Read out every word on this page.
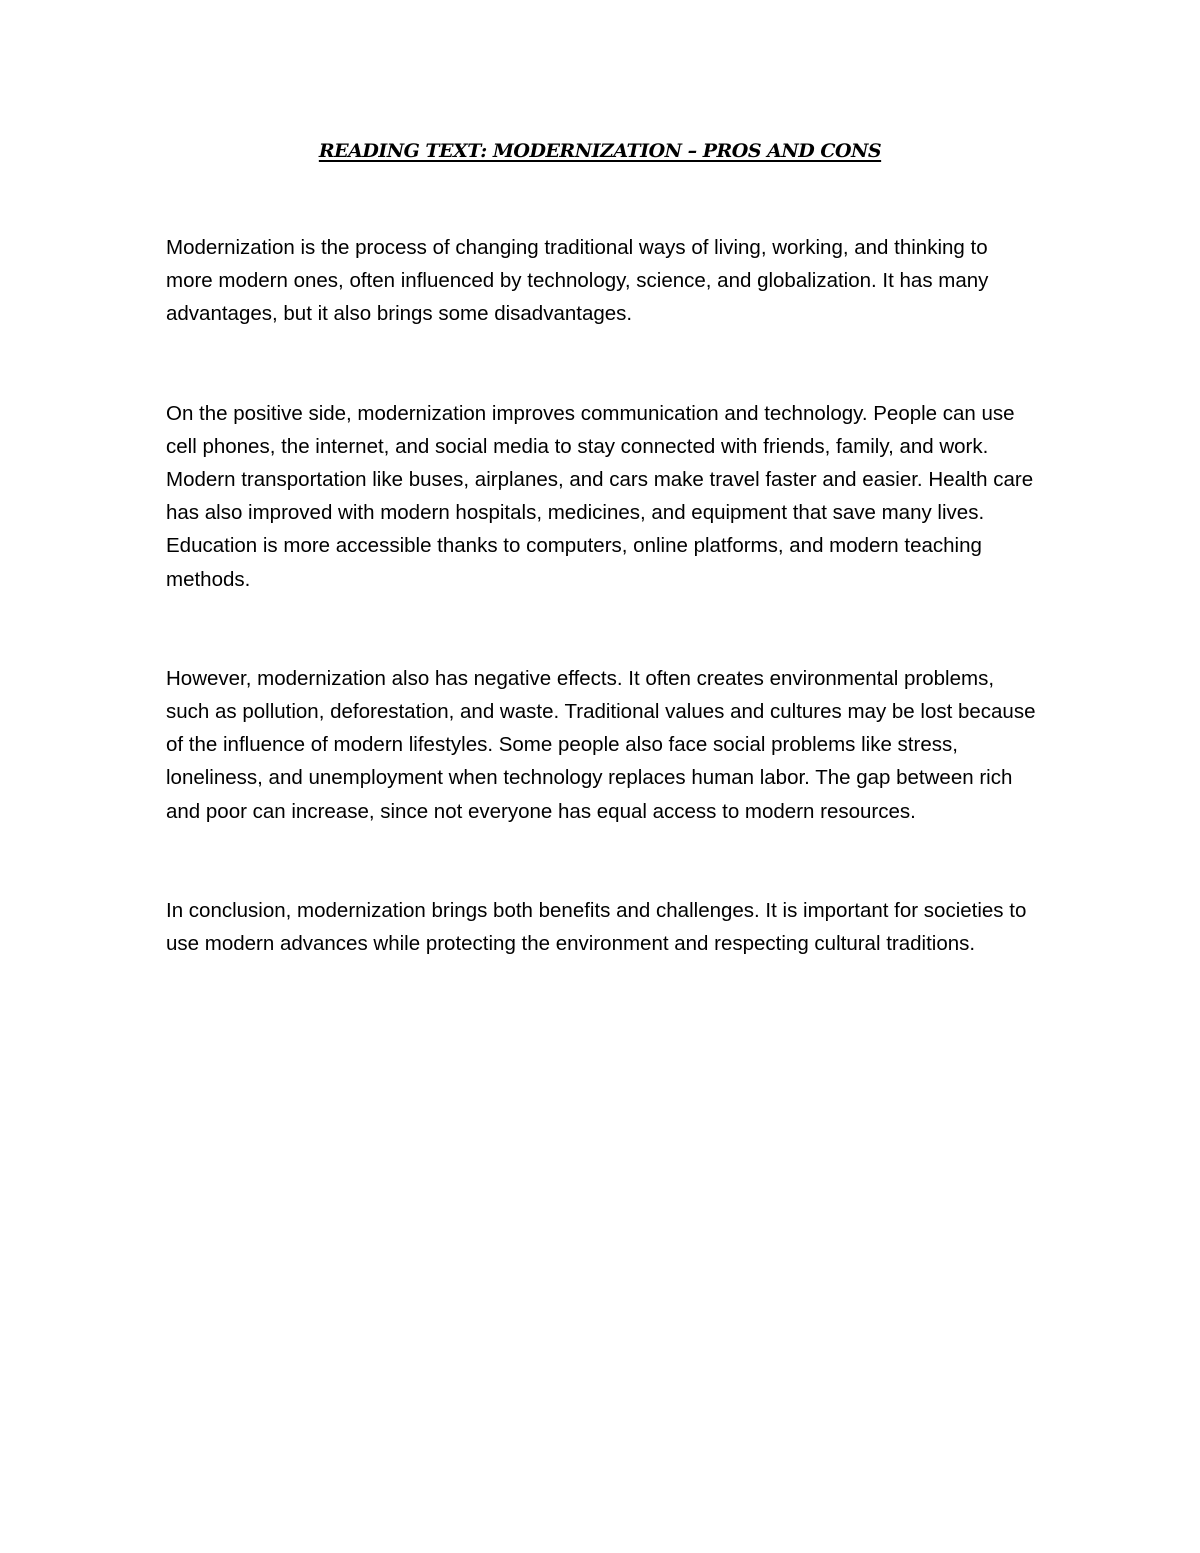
READING TEXT: MODERNIZATION – PROS AND CONS

Modernization is the process of changing traditional ways of living, working, and thinking to more modern ones, often influenced by technology, science, and globalization. It has many advantages, but it also brings some disadvantages.

On the positive side, modernization improves communication and technology. People can use cell phones, the internet, and social media to stay connected with friends, family, and work. Modern transportation like buses, airplanes, and cars make travel faster and easier. Health care has also improved with modern hospitals, medicines, and equipment that save many lives. Education is more accessible thanks to computers, online platforms, and modern teaching methods.

However, modernization also has negative effects. It often creates environmental problems, such as pollution, deforestation, and waste. Traditional values and cultures may be lost because of the influence of modern lifestyles. Some people also face social problems like stress, loneliness, and unemployment when technology replaces human labor. The gap between rich and poor can increase, since not everyone has equal access to modern resources.

In conclusion, modernization brings both benefits and challenges. It is important for societies to use modern advances while protecting the environment and respecting cultural traditions.
